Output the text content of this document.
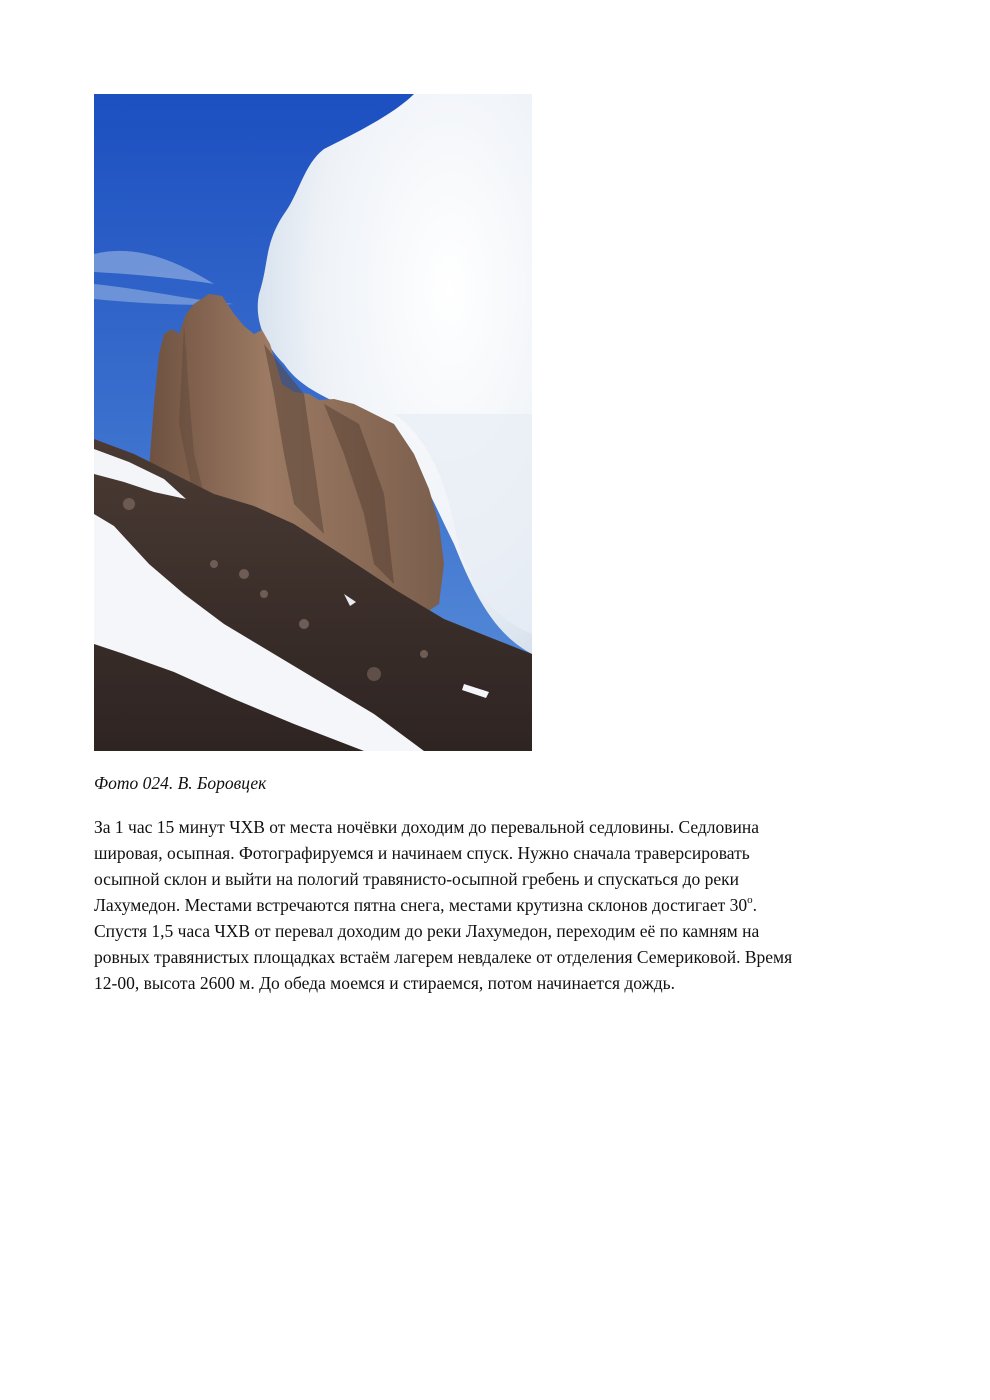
Фото 024. В. Боровцек

За 1 час 15 минут ЧХВ от места ночёвки доходим до перевальной седловины. Седловина
шировая, осыпная. Фотографируемся и начинаем спуск. Нужно сначала траверсировать
осыпной склон и выйти на пологий травянисто-осыпной гребень и спускаться до реки
Лахумедон. Местами встречаются пятна снега, местами крутизна склонов достигает 30$^o$.
Спустя 1,5 часа ЧХВ от перевал доходим до реки Лахумедон, переходим её по камням на
ровных травянистых площадках встаём лагерем невдалеке от отделения Семериковой. Время
12-00, высота 2600 м. До обеда моемся и стираемся, потом начинается дождь.
